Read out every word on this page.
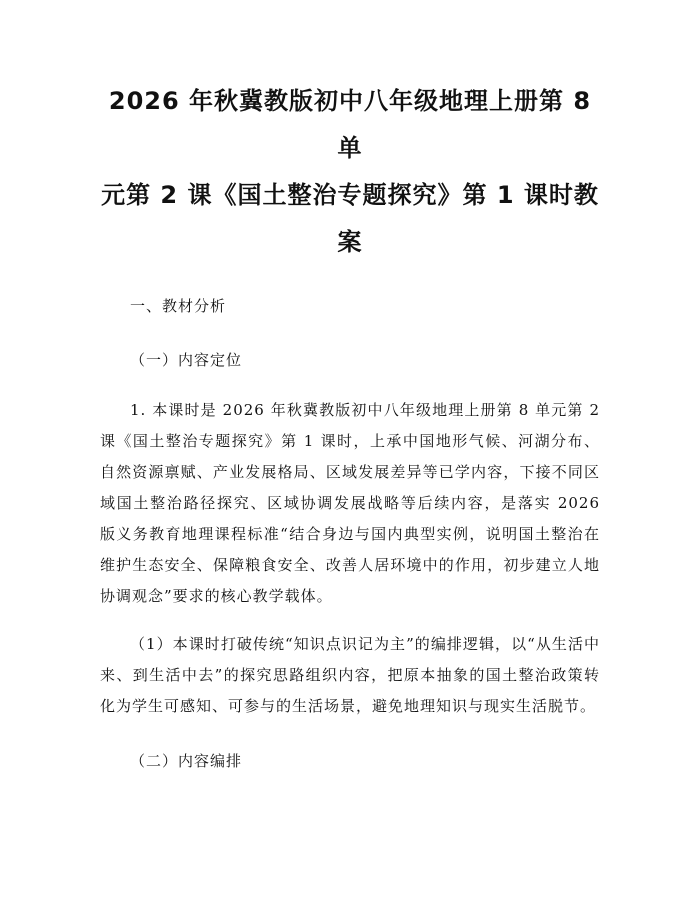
2026 年秋冀教版初中八年级地理上册第 8 单
元第 2 课《国土整治专题探究》第 1 课时教
案

一、教材分析

（一）内容定位

1. 本课时是 2026 年秋冀教版初中八年级地理上册第 8 单元第 2 课《国土整治专题探究》第 1 课时，上承中国地形气候、河湖分布、自然资源禀赋、产业发展格局、区域发展差异等已学内容，下接不同区域国土整治路径探究、区域协调发展战略等后续内容，是落实 2026 版义务教育地理课程标准“结合身边与国内典型实例，说明国土整治在维护生态安全、保障粮食安全、改善人居环境中的作用，初步建立人地协调观念”要求的核心教学载体。

（1）本课时打破传统“知识点识记为主”的编排逻辑，以“从生活中来、到生活中去”的探究思路组织内容，把原本抽象的国土整治政策转化为学生可感知、可参与的生活场景，避免地理知识与现实生活脱节。

（二）内容编排
